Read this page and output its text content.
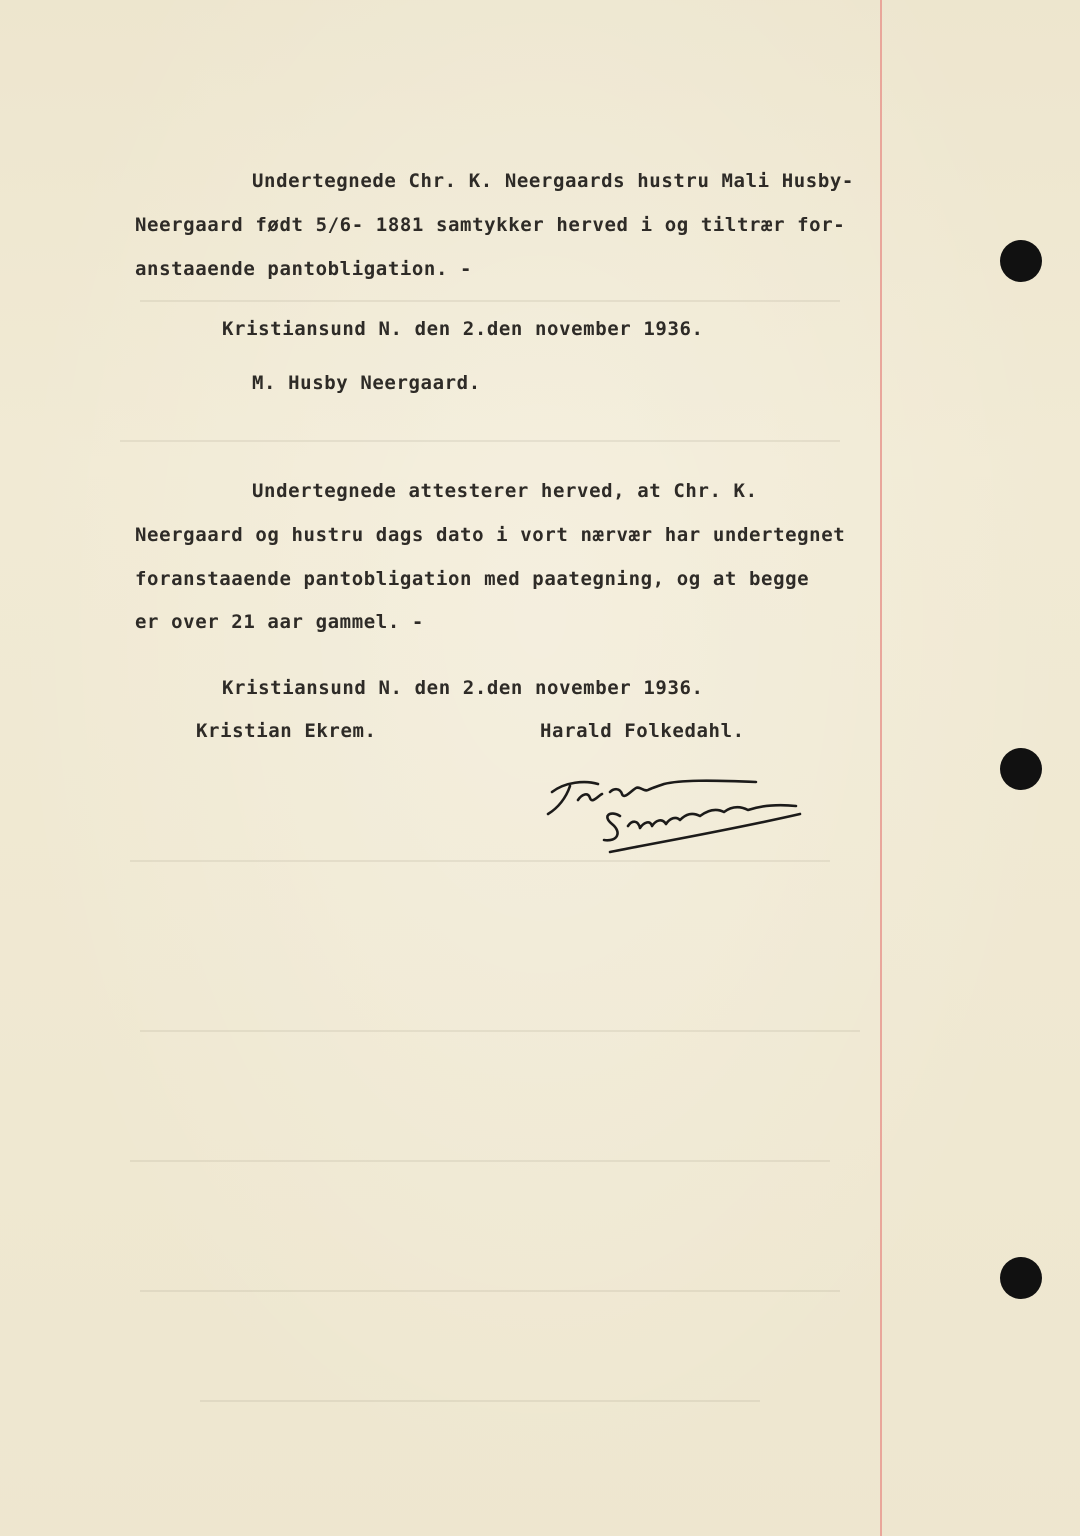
Undertegnede Chr. K. Neergaards hustru Mali Husby-
Neergaard født 5/6- 1881 samtykker herved i og tiltrær for-
anstaaende pantobligation. -
Kristiansund N. den 2.den november 1936.
M. Husby Neergaard.
Undertegnede attesterer herved, at Chr. K.
Neergaard og hustru dags dato i vort nærvær har undertegnet
foranstaaende pantobligation med paategning, og at begge
er over 21 aar gammel. -
Kristiansund N. den 2.den november 1936.
Kristian Ekrem.	Harald Folkedahl.
